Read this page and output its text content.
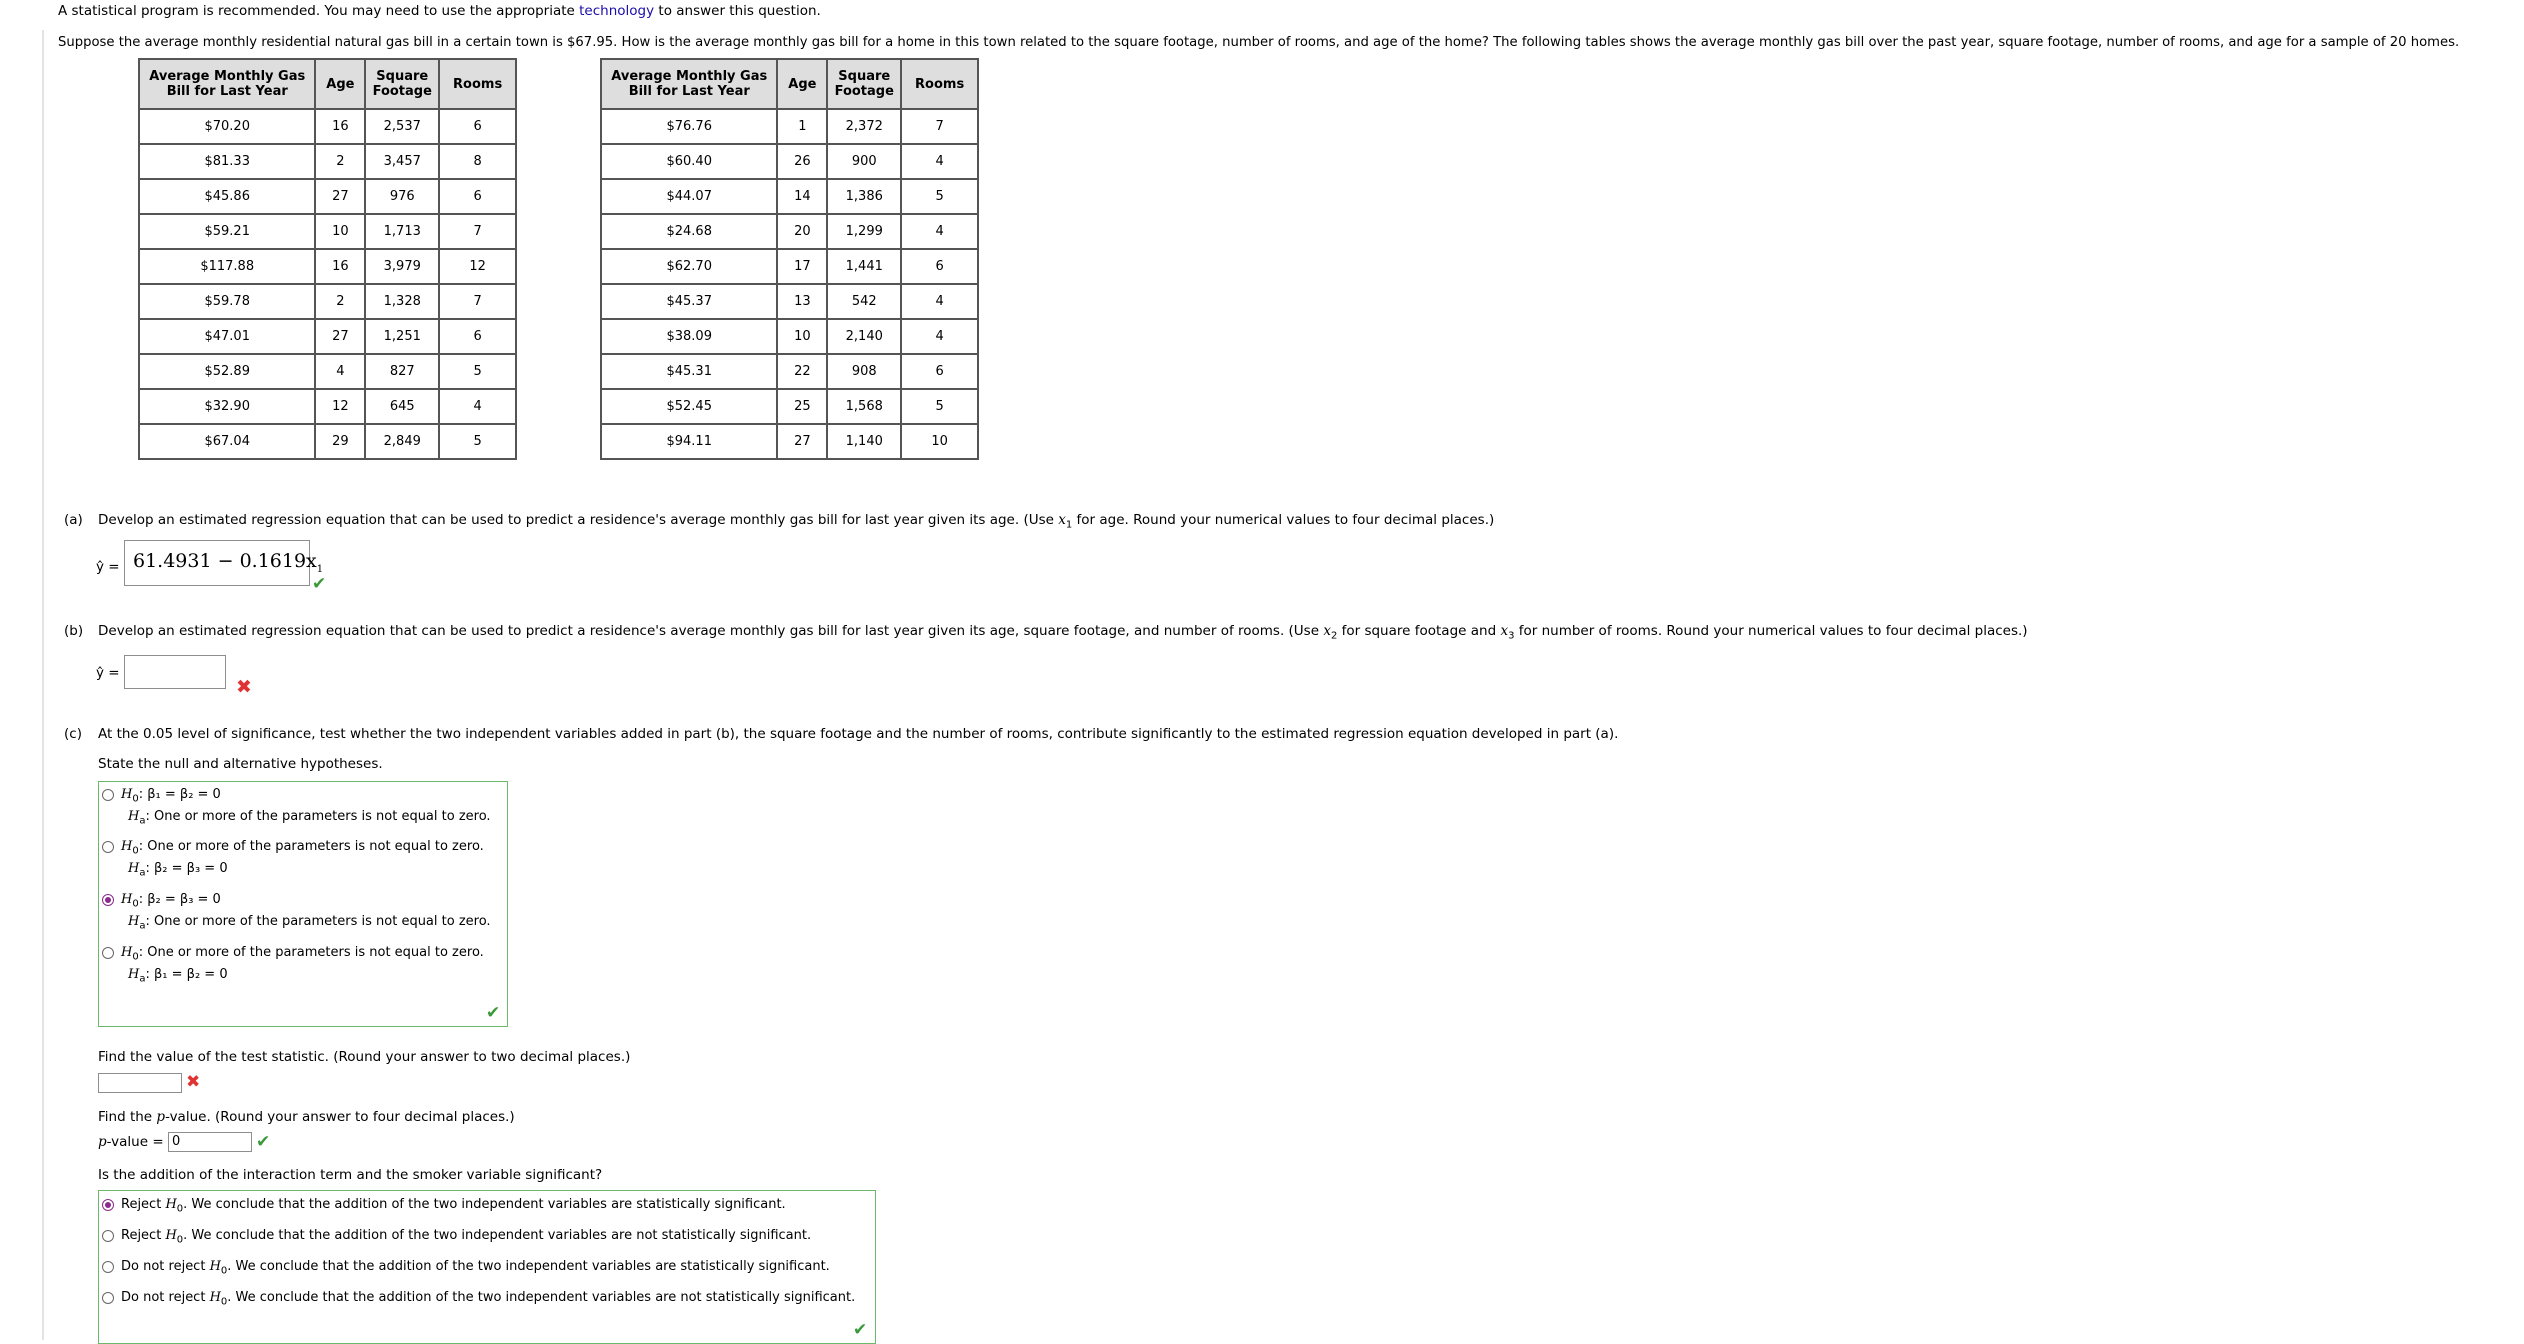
A statistical program is recommended. You may need to use the appropriate technology to answer this question.
Suppose the average monthly residential natural gas bill in a certain town is $67.95. How is the average monthly gas bill for a home in this town related to the square footage, number of rooms, and age of the home? The following tables shows the average monthly gas bill over the past year, square footage, number of rooms, and age for a sample of 20 homes.
Average Monthly Gas Bill for Last Year	Age	Square Footage	Rooms
$70.20	16	2,537	6
$81.33	2	3,457	8
$45.86	27	976	6
$59.21	10	1,713	7
$117.88	16	3,979	12
$59.78	2	1,328	7
$47.01	27	1,251	6
$52.89	4	827	5
$32.90	12	645	4
$67.04	29	2,849	5
Average Monthly Gas Bill for Last Year	Age	Square Footage	Rooms
$76.76	1	2,372	7
$60.40	26	900	4
$44.07	14	1,386	5
$24.68	20	1,299	4
$62.70	17	1,441	6
$45.37	13	542	4
$38.09	10	2,140	4
$45.31	22	908	6
$52.45	25	1,568	5
$94.11	27	1,140	10
(a) Develop an estimated regression equation that can be used to predict a residence's average monthly gas bill for last year given its age. (Use $x_1$ for age. Round your numerical values to four decimal places.)
ŷ = $61.4931 - 0.1619x_1$
✔
(b) Develop an estimated regression equation that can be used to predict a residence's average monthly gas bill for last year given its age, square footage, and number of rooms. (Use $x_2$ for square footage and $x_3$ for number of rooms. Round your numerical values to four decimal places.)
ŷ =
✖
(c) At the 0.05 level of significance, test whether the two independent variables added in part (b), the square footage and the number of rooms, contribute significantly to the estimated regression equation developed in part (a).
State the null and alternative hypotheses.
$H_0$: β₁ = β₂ = 0
$H_a$: One or more of the parameters is not equal to zero.
$H_0$: One or more of the parameters is not equal to zero.
$H_a$: β₂ = β₃ = 0
$H_0$: β₂ = β₃ = 0
$H_a$: One or more of the parameters is not equal to zero.
$H_0$: One or more of the parameters is not equal to zero.
$H_a$: β₁ = β₂ = 0
✔
Find the value of the test statistic. (Round your answer to two decimal places.)
✖
Find the p-value. (Round your answer to four decimal places.)
p-value = 0	✔
Is the addition of the interaction term and the smoker variable significant?
Reject $H_0$. We conclude that the addition of the two independent variables are statistically significant.
Reject $H_0$. We conclude that the addition of the two independent variables are not statistically significant.
Do not reject $H_0$. We conclude that the addition of the two independent variables are statistically significant.
Do not reject $H_0$. We conclude that the addition of the two independent variables are not statistically significant.
✔
